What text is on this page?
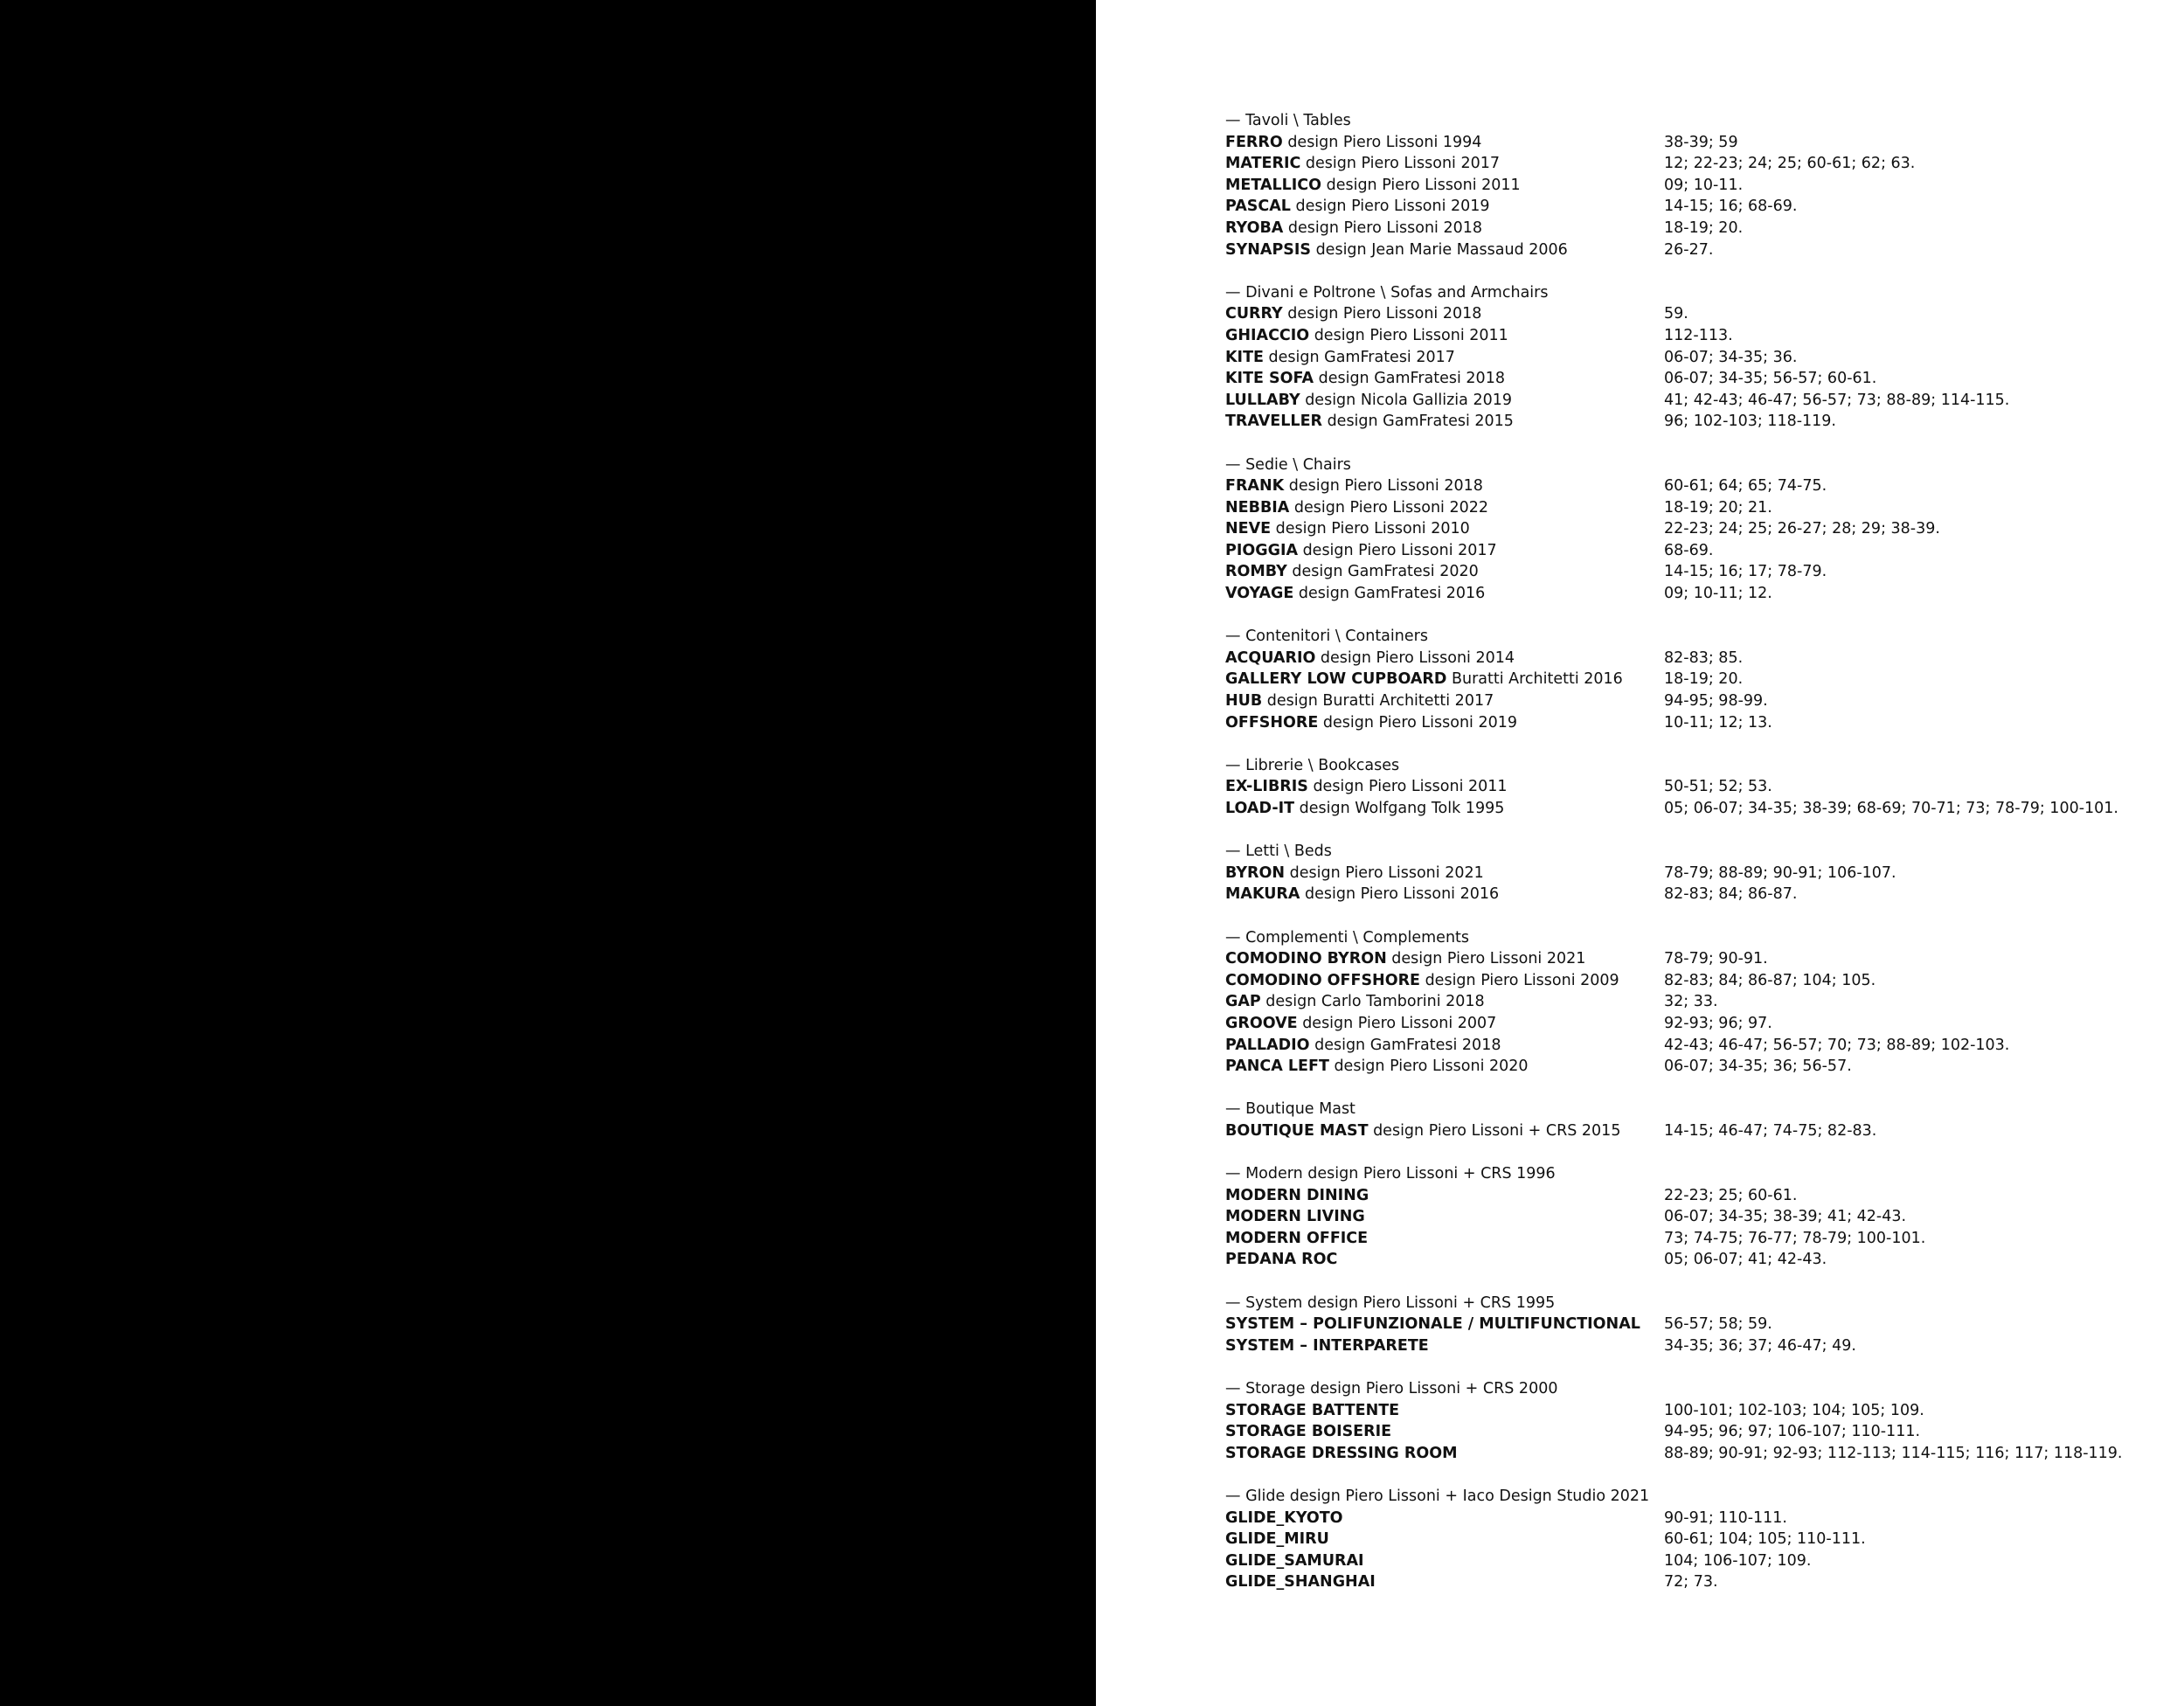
— Tavoli \ Tables
FERRO design Piero Lissoni 1994	38-39; 59
MATERIC design Piero Lissoni 2017	12; 22-23; 24; 25; 60-61; 62; 63.
METALLICO design Piero Lissoni 2011	09; 10-11.
PASCAL design Piero Lissoni 2019	14-15; 16; 68-69.
RYOBA design Piero Lissoni 2018	18-19; 20.
SYNAPSIS design Jean Marie Massaud 2006	26-27.
— Divani e Poltrone \ Sofas and Armchairs
CURRY design Piero Lissoni 2018	59.
GHIACCIO design Piero Lissoni 2011	112-113.
KITE design GamFratesi 2017	06-07; 34-35; 36.
KITE SOFA design GamFratesi 2018	06-07; 34-35; 56-57; 60-61.
LULLABY design Nicola Gallizia 2019	41; 42-43; 46-47; 56-57; 73; 88-89; 114-115.
TRAVELLER design GamFratesi 2015	96; 102-103; 118-119.
— Sedie \ Chairs
FRANK design Piero Lissoni 2018	60-61; 64; 65; 74-75.
NEBBIA design Piero Lissoni 2022	18-19; 20; 21.
NEVE design Piero Lissoni 2010	22-23; 24; 25; 26-27; 28; 29; 38-39.
PIOGGIA design Piero Lissoni 2017	68-69.
ROMBY design GamFratesi 2020	14-15; 16; 17; 78-79.
VOYAGE design GamFratesi 2016	09; 10-11; 12.
— Contenitori \ Containers
ACQUARIO design Piero Lissoni 2014	82-83; 85.
GALLERY LOW CUPBOARD Buratti Architetti 2016	18-19; 20.
HUB design Buratti Architetti 2017	94-95; 98-99.
OFFSHORE design Piero Lissoni 2019	10-11; 12; 13.
— Librerie \ Bookcases
EX-LIBRIS design Piero Lissoni 2011	50-51; 52; 53.
LOAD-IT design Wolfgang Tolk 1995	05; 06-07; 34-35; 38-39; 68-69; 70-71; 73; 78-79; 100-101.
— Letti \ Beds
BYRON design Piero Lissoni 2021	78-79; 88-89; 90-91; 106-107.
MAKURA design Piero Lissoni 2016	82-83; 84; 86-87.
— Complementi \ Complements
COMODINO BYRON design Piero Lissoni 2021	78-79; 90-91.
COMODINO OFFSHORE design Piero Lissoni 2009	82-83; 84; 86-87; 104; 105.
GAP design Carlo Tamborini 2018	32; 33.
GROOVE design Piero Lissoni 2007	92-93; 96; 97.
PALLADIO design GamFratesi 2018	42-43; 46-47; 56-57; 70; 73; 88-89; 102-103.
PANCA LEFT design Piero Lissoni 2020	06-07; 34-35; 36; 56-57.
— Boutique Mast
BOUTIQUE MAST design Piero Lissoni + CRS 2015	14-15; 46-47; 74-75; 82-83.
— Modern design Piero Lissoni + CRS 1996
MODERN DINING	22-23; 25; 60-61.
MODERN LIVING	06-07; 34-35; 38-39; 41; 42-43.
MODERN OFFICE	73; 74-75; 76-77; 78-79; 100-101.
PEDANA ROC	05; 06-07; 41; 42-43.
— System design Piero Lissoni + CRS 1995
SYSTEM – POLIFUNZIONALE / MULTIFUNCTIONAL	56-57; 58; 59.
SYSTEM – INTERPARETE	34-35; 36; 37; 46-47; 49.
— Storage design Piero Lissoni + CRS 2000
STORAGE BATTENTE	100-101; 102-103; 104; 105; 109.
STORAGE BOISERIE	94-95; 96; 97; 106-107; 110-111.
STORAGE DRESSING ROOM	88-89; 90-91; 92-93; 112-113; 114-115; 116; 117; 118-119.
— Glide design Piero Lissoni + Iaco Design Studio 2021
GLIDE_KYOTO	90-91; 110-111.
GLIDE_MIRU	60-61; 104; 105; 110-111.
GLIDE_SAMURAI	104; 106-107; 109.
GLIDE_SHANGHAI	72; 73.
